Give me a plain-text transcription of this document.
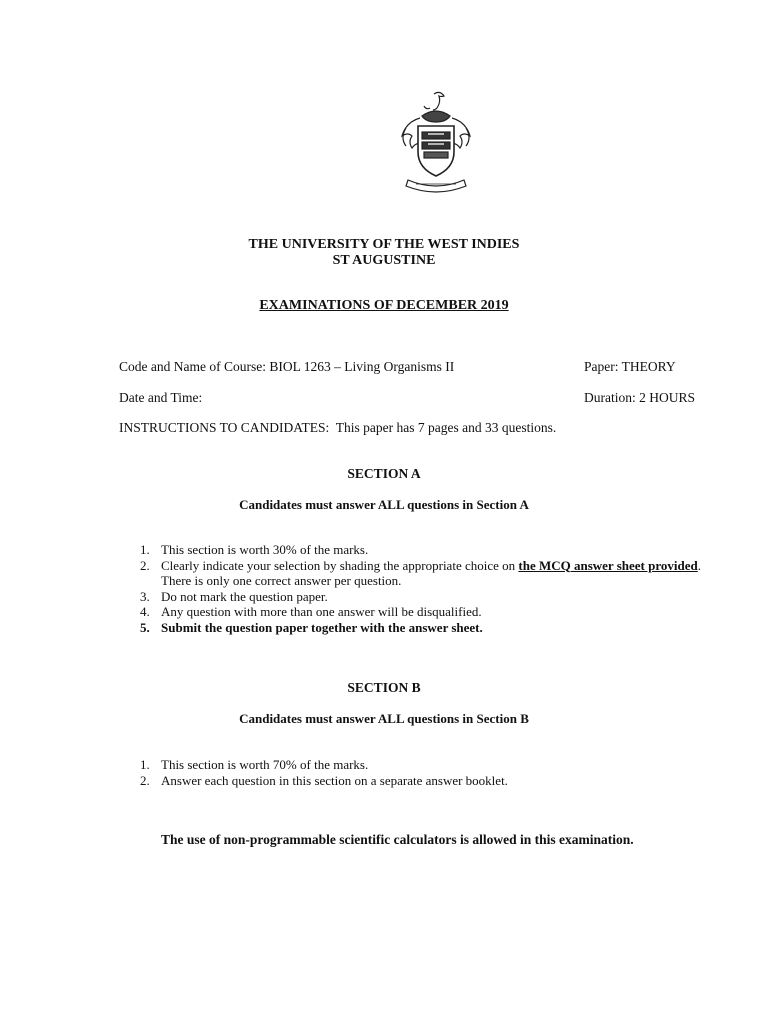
THE UNIVERSITY OF THE WEST INDIES
ST AUGUSTINE
EXAMINATIONS OF DECEMBER 2019
Code and Name of Course: BIOL 1263 – Living Organisms II	Paper: THEORY
Date and Time:	Duration: 2 HOURS
INSTRUCTIONS TO CANDIDATES: This paper has 7 pages and 33 questions.
SECTION A
Candidates must answer ALL questions in Section A
1. This section is worth 30% of the marks.
2. Clearly indicate your selection by shading the appropriate choice on the MCQ answer sheet provided.
There is only one correct answer per question.
3. Do not mark the question paper.
4. Any question with more than one answer will be disqualified.
5. Submit the question paper together with the answer sheet.
SECTION B
Candidates must answer ALL questions in Section B
1. This section is worth 70% of the marks.
2. Answer each question in this section on a separate answer booklet.
The use of non-programmable scientific calculators is allowed in this examination.
